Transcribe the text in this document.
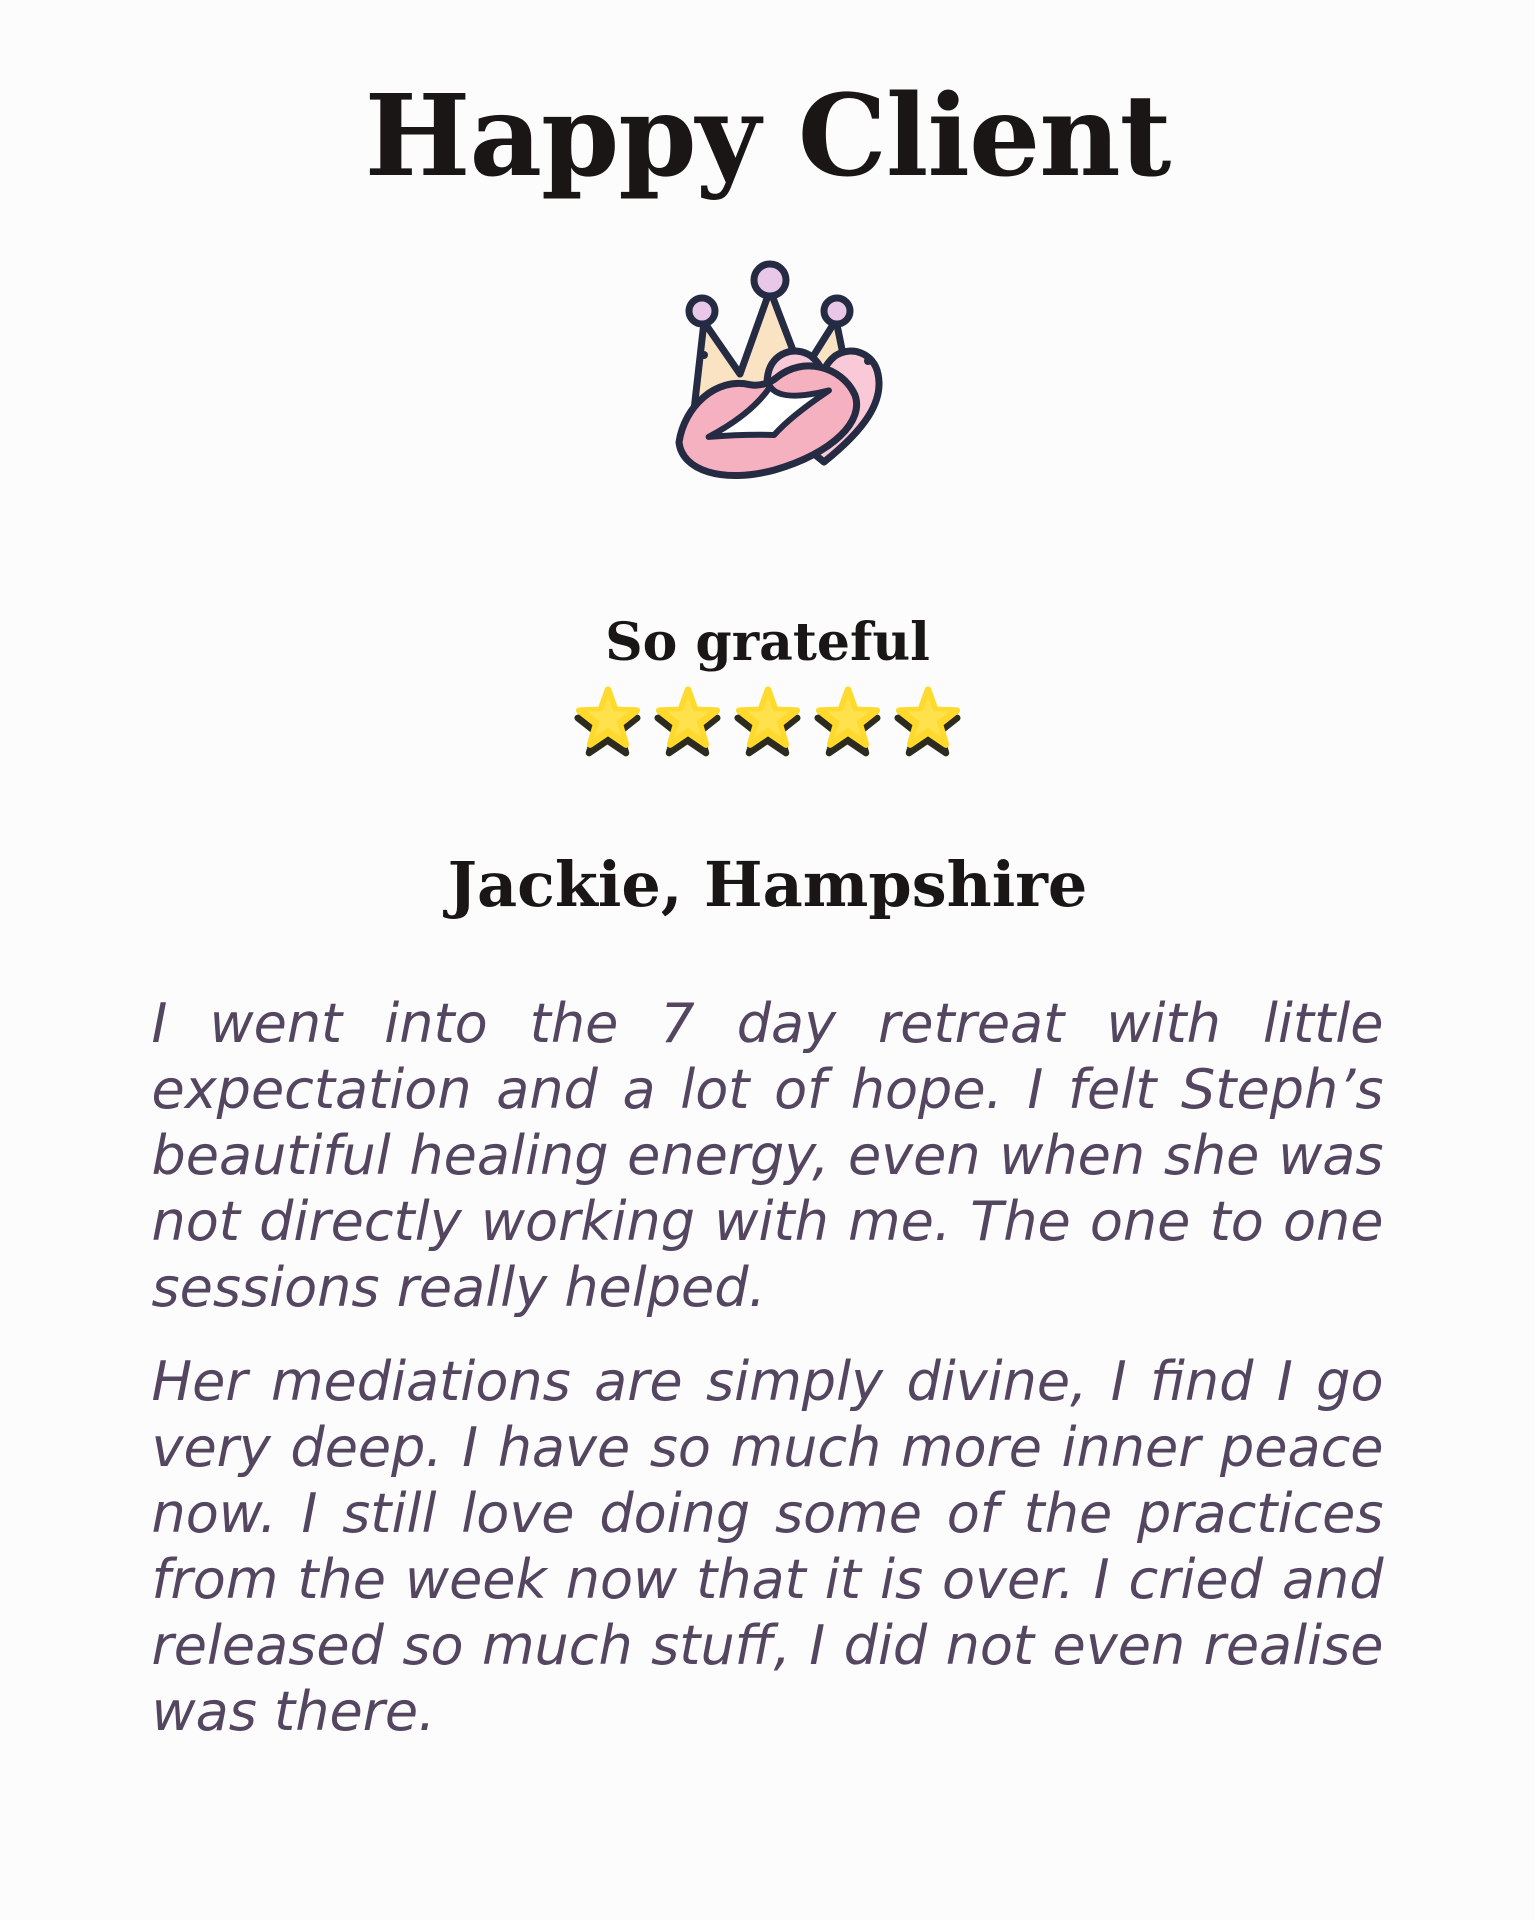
Happy Client
So grateful
Jackie, Hampshire

I went into the 7 day retreat with little expectation and a lot of hope. I felt Steph’s beautiful healing energy, even when she was not directly working with me. The one to one sessions really helped.

Her mediations are simply divine, I find I go very deep. I have so much more inner peace now. I still love doing some of the practices from the week now that it is over. I cried and released so much stuff, I did not even realise was there.
